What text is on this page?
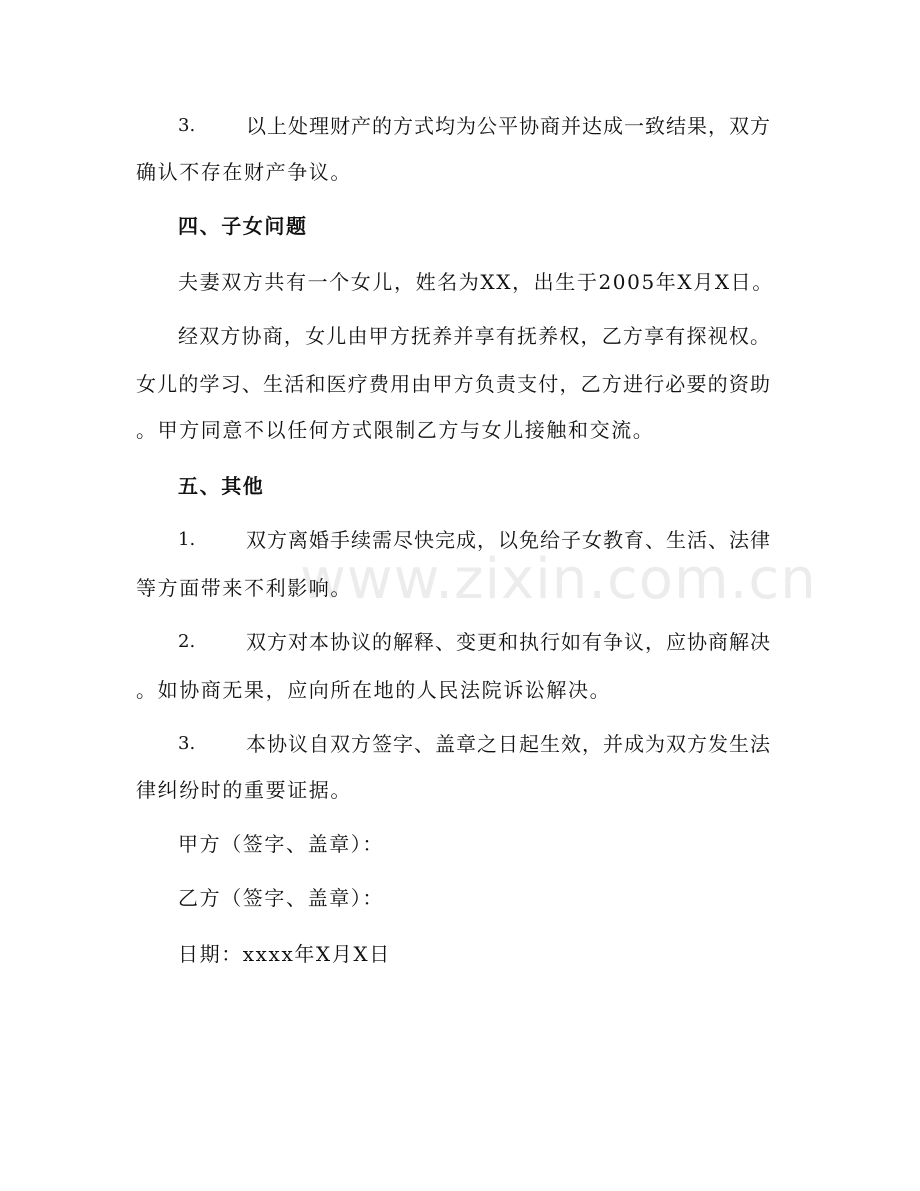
3.	以上处理财产的方式均为公平协商并达成一致结果，双方
确认不存在财产争议。
四、子女问题
夫妻双方共有一个女儿，姓名为XX，出生于2005年X月X日。
经双方协商，女儿由甲方抚养并享有抚养权，乙方享有探视权。
女儿的学习、生活和医疗费用由甲方负责支付，乙方进行必要的资助
。甲方同意不以任何方式限制乙方与女儿接触和交流。
五、其他
1.	双方离婚手续需尽快完成，以免给子女教育、生活、法律
等方面带来不利影响。
2.	双方对本协议的解释、变更和执行如有争议，应协商解决
。如协商无果，应向所在地的人民法院诉讼解决。
3.	本协议自双方签字、盖章之日起生效，并成为双方发生法
律纠纷时的重要证据。
甲方（签字、盖章）：
乙方（签字、盖章）：
日期：xxxx年X月X日
www.zixin.com.cn
